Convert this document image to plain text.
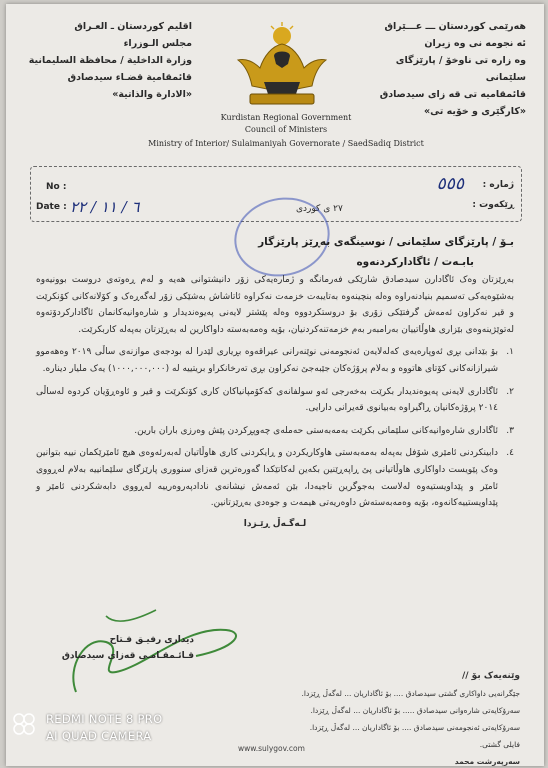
هەرێمی کوردستان ـــ عـــێراق
ئه نجومه نی وه زیران
وه زاره تی ناوخۆ / پارێزگای سلێمانی
قائمقامیه تی قه زای سیدصادق
«کارگێری و خۆیه تی»
اقليم كوردستان ـ العـراق
مجلس الـوزراء
وزارة الداخلية / محافظة السليمانية
قائمقامية قضـاء سيدصادق
«الادارة والذاتية»
Kurdistan Regional Government
Council of Ministers
Ministry of Interior/ Sulaimaniyah Governorate / SaedSadiq District
No :
Date :
ژماره :
ڕێکەوت :
٥٥٥
٦ / ١١ / ٢٢	٢٧ ی کوردی
بـۆ / پارێزگای سلێمانی / نوسینگه‌ی به‌ڕێز پارێزگار
بابـه‌ت / ئاگادارکردنه‌وه‌

بەڕێزتان وەک ئاگادارن سیدصادق شارێکی فەرمانگە و ژمارەیەکی زۆر دانیشتوانی هەیە و لەم ڕەوتەی دروست بوونیەوە بەشێوەیەکی تەسمیم بنیادنەراوە وەلە بنچینەوە بەتایبەت خزمەت نەکراوە ئاتاشاش بەشێکی زۆر لەگەڕەک و کۆلانەکانی کۆنکرێت و قیر نەکراون ئەمەش گرفتێکی زۆری بۆ دروستکردووە وەلە پێشتر لایەنی پەیوەندیدار و شارەوانیەکانمان ئاگادارکردۆتەوە لەتوێژینەوەی بێزاری هاوڵاتییان بەرامبەر بەم خزمەتنەکردنیان، بۆیە وەمەبەستە داواکارین لە بەڕێزتان بەپەلە کاربکرێت.

١.
بۆ بێدانی بڕی ئەوپارەیەی کەلەلایەن ئەنجومەنی نوێنەرانی عیراقەوە بڕیاری لێدرا لە بودجەی موازنەی ساڵی ٢٠١٩ وەهەموو شیرازانەکانی کۆتای هاتووە و بەلام پرۆژەکان جێبەجێ نەکراون بڕی تەرخانکراو بریتییە لە (١٠٠٠,٠٠٠,٠٠٠) یەک ملیار دینارە.
٢.
ئاگاداری لایەنی پەیوەندیدار بکرێت بەخەرجی ئەو سولفانەی کەکۆمپانیاکان کاری کۆنکرێت و قیر و ئاوەڕۆیان کردوە لەساڵی ٢٠١٤ پرۆژەکانیان ڕاگیراوە بەبیانوی قەیرانی دارایی.
٣.
ئاگاداری شارەوانیەکانی سلێمانی بکرێت بەمەبەستی حەملەی چەوپڕکردن پێش وەرزی باران بارین.
٤.
دابینکردنی ئامێری شۆفل بەپەلە بەمەبەستی هاوکاریکردن و ڕایکردنی کاری هاوڵاتیان لەبەرئەوەی هیچ ئامێرێکمان نییە بتوانین وەک پێویست داواکاری هاوڵاتیانی پێ ڕاپەڕێنین بکەین لەکاتێکدا گەورەترین قەزای سنووری پارێزگای سلێمانییە بەلام لەڕووی ئامێر و پێداویستیەوە لەلاست بەجوگرین ناجیەدا، بێن ئەمەش نیشانەی نادادپەروەرییە لەڕووی دابەشکردنی ئامێر و پێداویستییەکانەوە، بۆیە وەمەبەستەش داوەریەتی هیمەت و جوەدی بەڕێزتانین.
لـەگـەڵ ڕێـزدا
دیداری رفیـق فـتاح
قـائـمقـامـی قەزای سیدصادق
وێنەیەک بۆ //
جێگرانەیی داواکاری گشتی سیدصادق .... بۆ ئاگاداریان ... لەگەڵ ڕێزدا.
سەرۆکایەتی شارەوانی سیدصادق ..... بۆ ئاگاداریان ... لەگەڵ ڕێزدا.
سەرۆکایەتی ئەنجومەنی سیدصادق .... بۆ ئاگاداریان ... لەگەڵ ڕێزدا.
فایلی گشتی.
سەرپەرشت محمد
www.sulygov.com
REDMI NOTE 8 PRO
AI QUAD CAMERA
